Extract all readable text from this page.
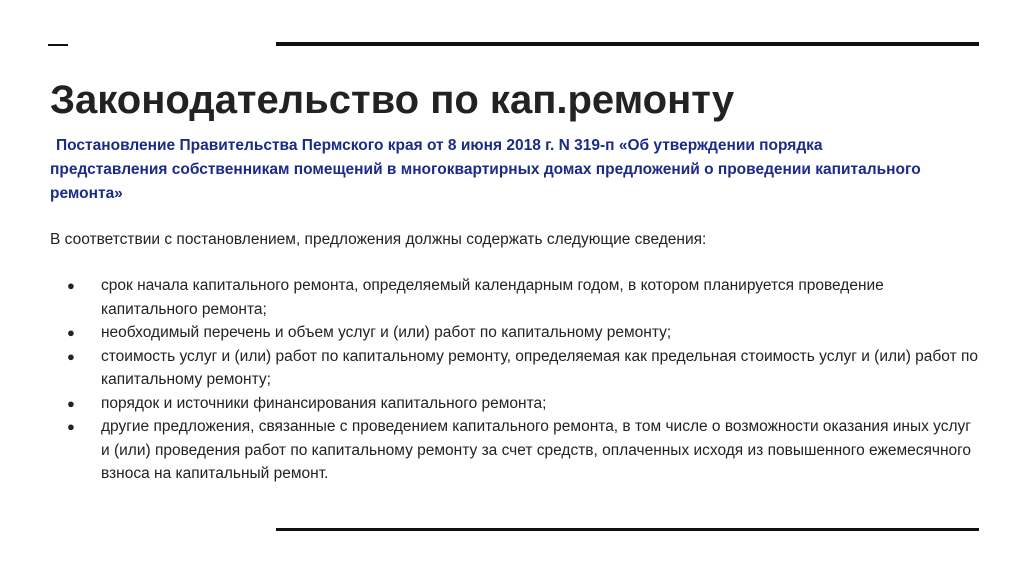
Законодательство по кап.ремонту

Постановление Правительства Пермского края от 8 июня 2018 г. N 319-п «Об утверждении порядка представления собственникам помещений в многоквартирных домах предложений о проведении капитального ремонта»

В соответствии с постановлением, предложения должны содержать следующие сведения:

● срок начала капитального ремонта, определяемый календарным годом, в котором планируется проведение капитального ремонта;
● необходимый перечень и объем услуг и (или) работ по капитальному ремонту;
● стоимость услуг и (или) работ по капитальному ремонту, определяемая как предельная стоимость услуг и (или) работ по капитальному ремонту;
● порядок и источники финансирования капитального ремонта;
● другие предложения, связанные с проведением капитального ремонта, в том числе о возможности оказания иных услуг и (или) проведения работ по капитальному ремонту за счет средств, оплаченных исходя из повышенного ежемесячного взноса на капитальный ремонт.
